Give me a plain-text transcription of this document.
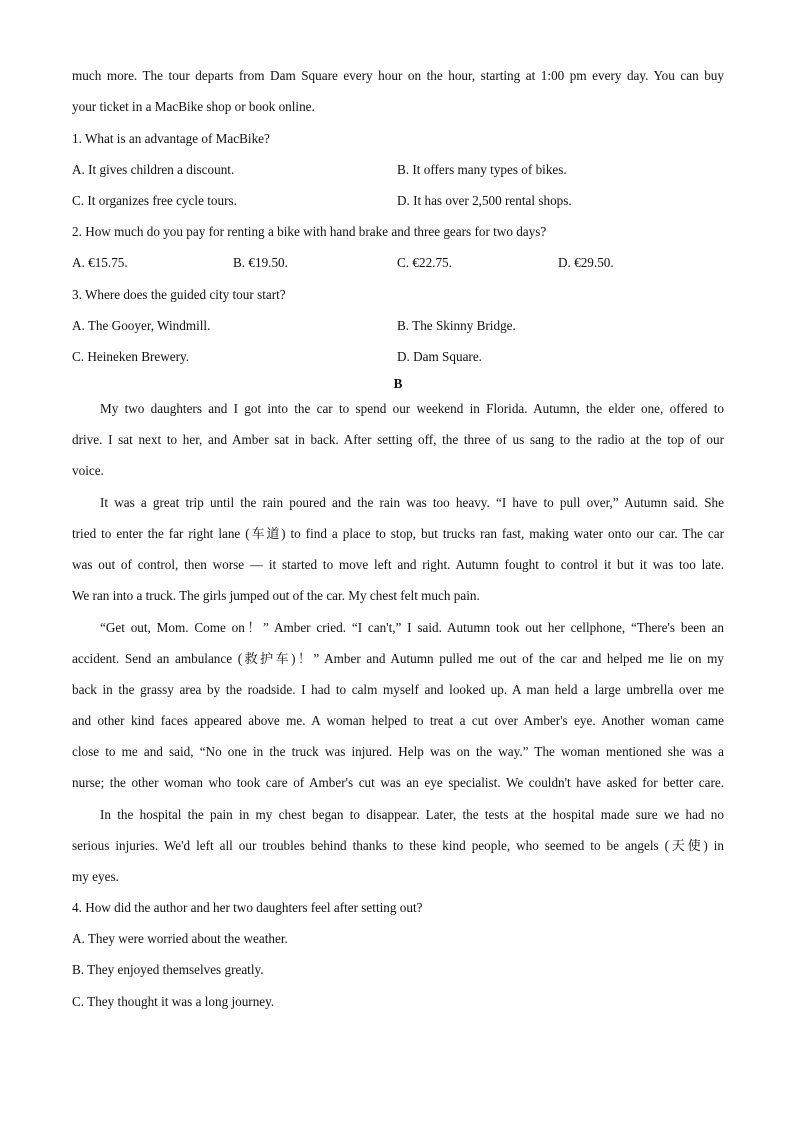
much more. The tour departs from Dam Square every hour on the hour, starting at 1:00 pm every day. You can buy
your ticket in a MacBike shop or book online.
1. What is an advantage of MacBike?
A. It gives children a discount.	B. It offers many types of bikes.
C. It organizes free cycle tours.	D. It has over 2,500 rental shops.
2. How much do you pay for renting a bike with hand brake and three gears for two days?
A. €15.75.	B. €19.50.	C. €22.75.	D. €29.50.
3. Where does the guided city tour start?
A. The Gooyer, Windmill.	B. The Skinny Bridge.
C. Heineken Brewery.	D. Dam Square.
B
My two daughters and I got into the car to spend our weekend in Florida. Autumn, the elder one, offered to
drive. I sat next to her, and Amber sat in back. After setting off, the three of us sang to the radio at the top of our
voice.
It was a great trip until the rain poured and the rain was too heavy. “I have to pull over,” Autumn said. She
tried to enter the far right lane (车道) to find a place to stop, but trucks ran fast, making water onto our car. The car
was out of control, then worse — it started to move left and right. Autumn fought to control it but it was too late.
We ran into a truck. The girls jumped out of the car. My chest felt much pain.
“Get out, Mom. Come on！” Amber cried. “I can't,” I said. Autumn took out her cellphone, “There's been an
accident. Send an ambulance (救护车)！” Amber and Autumn pulled me out of the car and helped me lie on my
back in the grassy area by the roadside. I had to calm myself and looked up. A man held a large umbrella over me
and other kind faces appeared above me. A woman helped to treat a cut over Amber's eye. Another woman came
close to me and said, “No one in the truck was injured. Help was on the way.” The woman mentioned she was a
nurse; the other woman who took care of Amber's cut was an eye specialist. We couldn't have asked for better care.
In the hospital the pain in my chest began to disappear. Later, the tests at the hospital made sure we had no
serious injuries. We'd left all our troubles behind thanks to these kind people, who seemed to be angels (天使) in
my eyes.
4. How did the author and her two daughters feel after setting out?
A. They were worried about the weather.
B. They enjoyed themselves greatly.
C. They thought it was a long journey.
